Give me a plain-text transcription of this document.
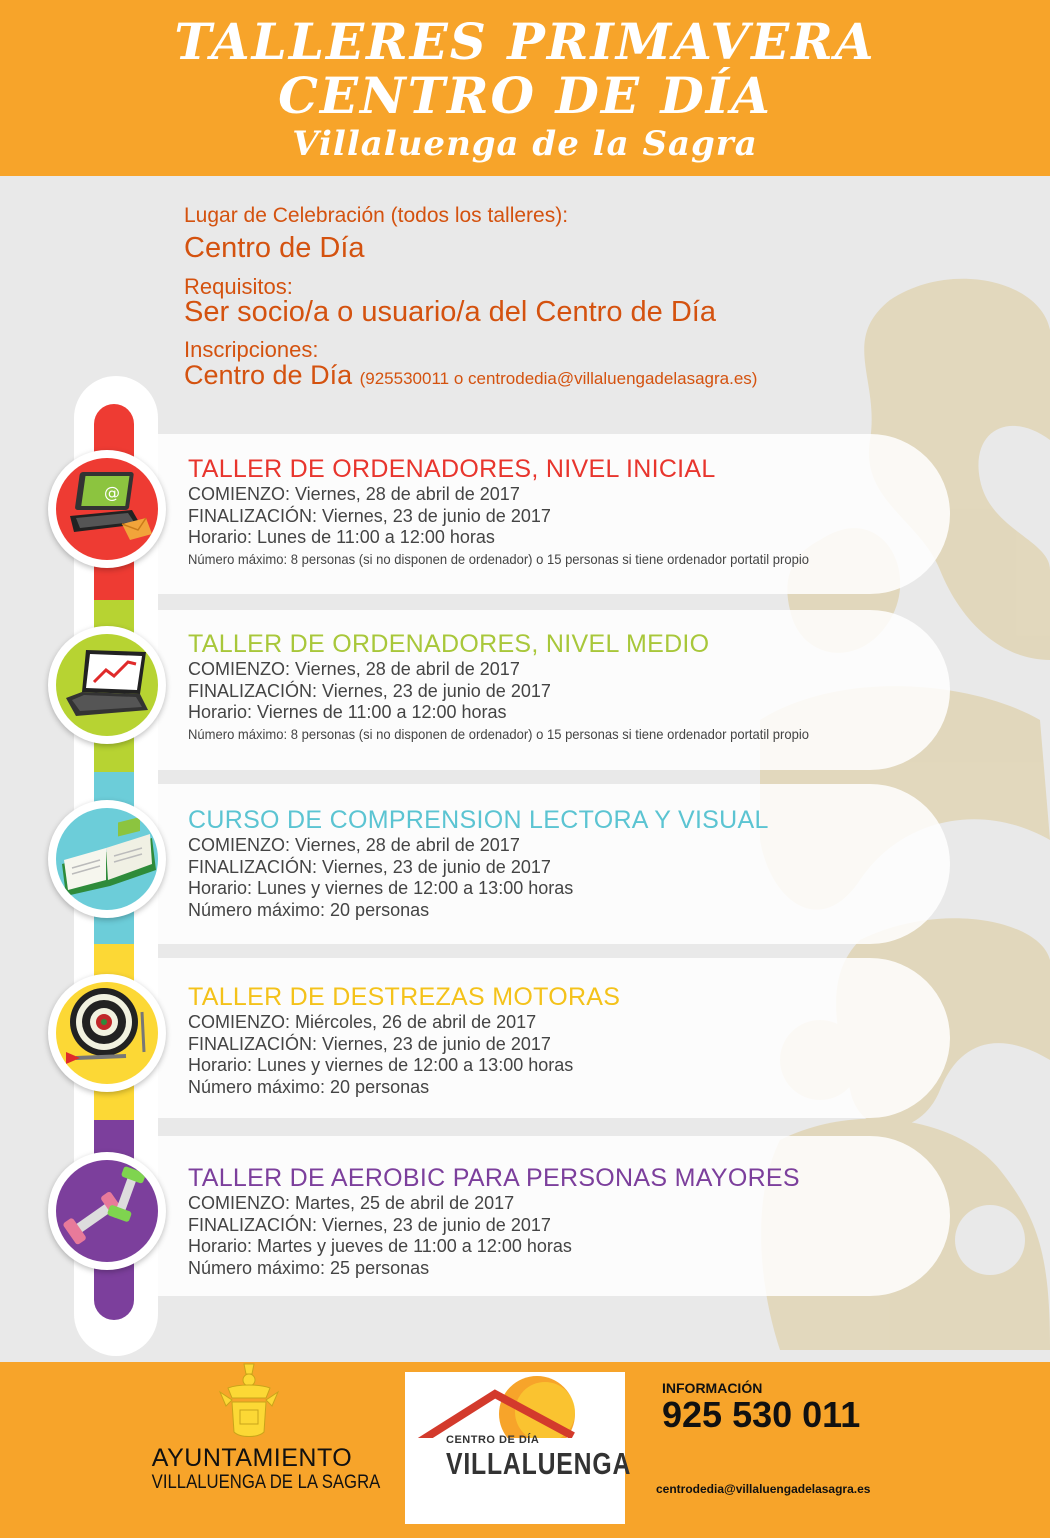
TALLERES PRIMAVERA
CENTRO DE DÍA
Villaluenga de la Sagra
Lugar de Celebración (todos los talleres):
Centro de Día
Requisitos:
Ser socio/a o usuario/a del Centro de Día
Inscripciones:
Centro de Día (925530011 o centrodedia@villaluengadelasagra.es)
@
TALLER DE ORDENADORES, NIVEL INICIAL
COMIENZO: Viernes, 28 de abril de 2017
FINALIZACIÓN: Viernes, 23 de junio de 2017
Horario: Lunes de 11:00 a 12:00 horas
Número máximo: 8 personas (si no disponen de ordenador) o 15 personas si tiene ordenador portatil propio
TALLER DE ORDENADORES, NIVEL MEDIO
COMIENZO: Viernes, 28 de abril de 2017
FINALIZACIÓN: Viernes, 23 de junio de 2017
Horario: Viernes de 11:00 a 12:00 horas
Número máximo: 8 personas (si no disponen de ordenador) o 15 personas si tiene ordenador portatil propio
CURSO DE COMPRENSION LECTORA Y VISUAL
COMIENZO: Viernes, 28 de abril de 2017
FINALIZACIÓN: Viernes, 23 de junio de 2017
Horario: Lunes y viernes de 12:00 a 13:00 horas
Número máximo: 20 personas
TALLER DE DESTREZAS MOTORAS
COMIENZO: Miércoles, 26 de abril de 2017
FINALIZACIÓN: Viernes, 23 de junio de 2017
Horario: Lunes y viernes de 12:00 a 13:00 horas
Número máximo: 20 personas
TALLER DE AEROBIC PARA PERSONAS MAYORES
COMIENZO: Martes, 25 de abril de 2017
FINALIZACIÓN: Viernes, 23 de junio de 2017
Horario: Martes y jueves de 11:00 a 12:00 horas
Número máximo: 25 personas
AYUNTAMIENTO
VILLALUENGA DE LA SAGRA
CENTRO DE DÍA
VILLALUENGA
INFORMACIÓN
925 530 011
centrodedia@villaluengadelasagra.es
